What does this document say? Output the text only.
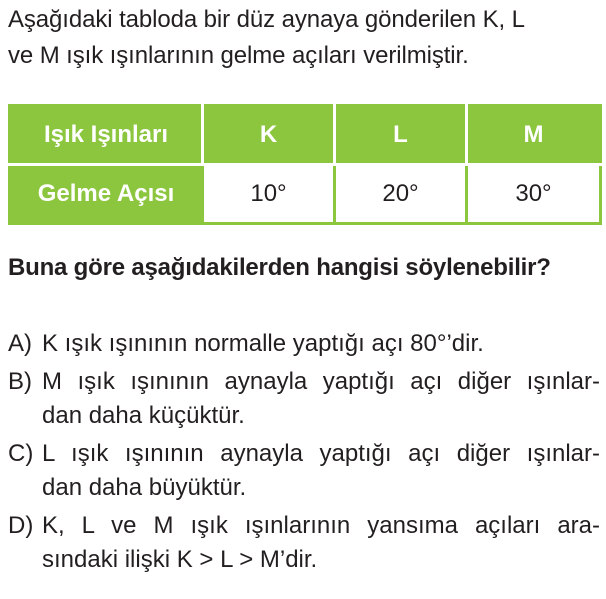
Aşağıdaki tabloda bir düz aynaya gönderilen K, L
ve M ışık ışınlarının gelme açıları verilmiştir.

Işık Işınları	K	L	M
Gelme Açısı	10°	20°	30°

Buna göre aşağıdakilerden hangisi söylenebilir?

A) K ışık ışınının normalle yaptığı açı 80°’dir.
B) M ışık ışınının aynayla yaptığı açı diğer ışınlar-
dan daha küçüktür.
C) L ışık ışınının aynayla yaptığı açı diğer ışınlar-
dan daha büyüktür.
D) K, L ve M ışık ışınlarının yansıma açıları ara-
sındaki ilişki K > L > M’dir.
